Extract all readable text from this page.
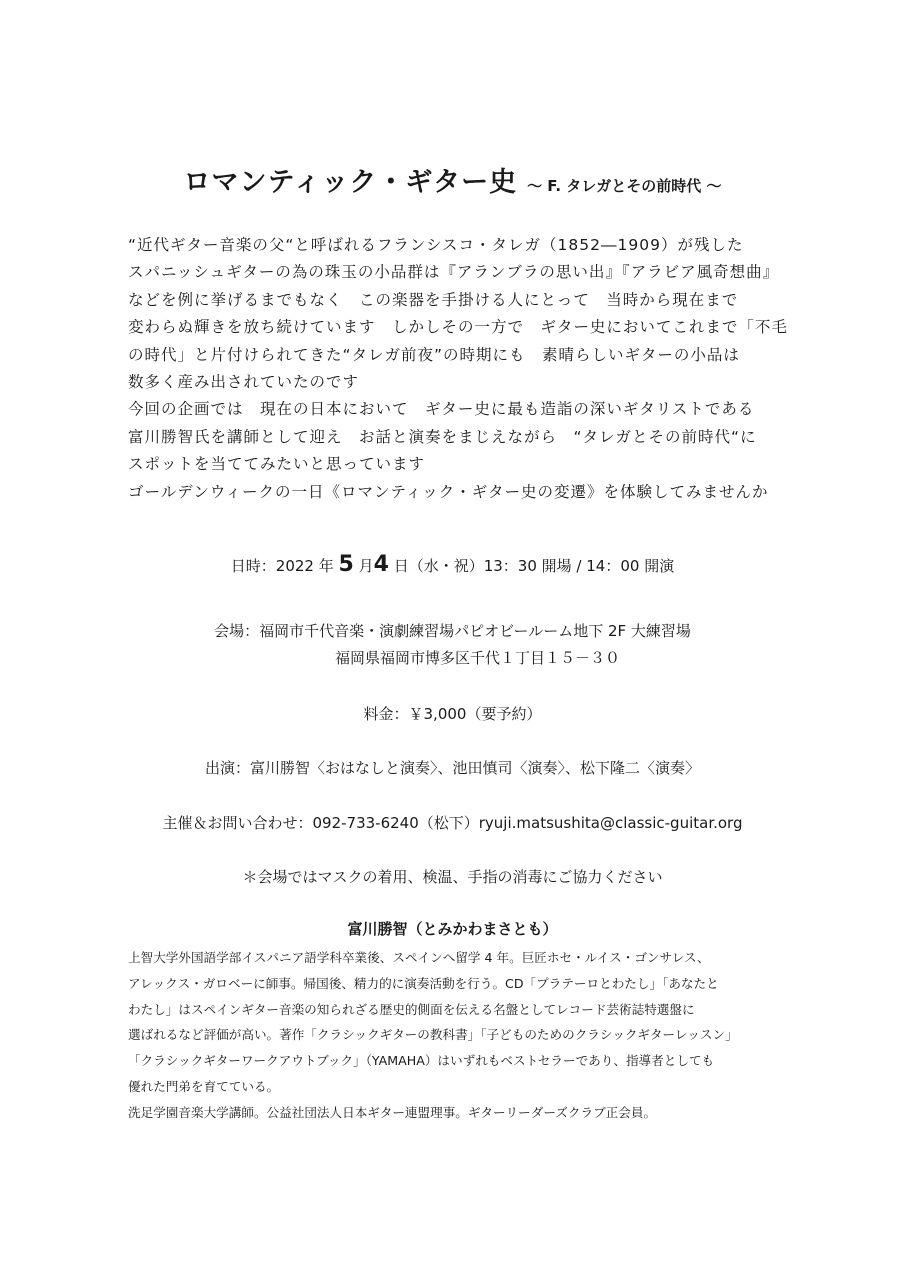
ロマンティック・ギター史 ～ F. タレガとその前時代 ～
“近代ギター音楽の父“と呼ばれるフランシスコ・タレガ（1852―1909）が残した
スパニッシュギターの為の珠玉の小品群は『アランブラの思い出』『アラビア風奇想曲』
などを例に挙げるまでもなく　この楽器を手掛ける人にとって　当時から現在まで
変わらぬ輝きを放ち続けています　しかしその一方で　ギター史においてこれまで「不毛
の時代」と片付けられてきた“タレガ前夜”の時期にも　素晴らしいギターの小品は
数多く産み出されていたのです
今回の企画では　現在の日本において　ギター史に最も造詣の深いギタリストである
富川勝智氏を講師として迎え　お話と演奏をまじえながら　“タレガとその前時代“に
スポットを当ててみたいと思っています
ゴールデンウィークの一日《ロマンティック・ギター史の変遷》を体験してみませんか
日時：2022 年 5 月4 日（水・祝）13：30 開場 / 14：00 開演
会場：福岡市千代音楽・演劇練習場パピオビールーム地下 2F 大練習場
福岡県福岡市博多区千代１丁目１５－３０
料金：￥3,000（要予約）
出演：富川勝智〈おはなしと演奏〉、池田慎司〈演奏〉、松下隆二〈演奏〉
主催＆お問い合わせ：092-733-6240（松下）ryuji.matsushita@classic-guitar.org
＊会場ではマスクの着用、検温、手指の消毒にご協力ください
富川勝智（とみかわまさとも）
上智大学外国語学部イスパニア語学科卒業後、スペインへ留学 4 年。巨匠ホセ・ルイス・ゴンサレス、
アレックス・ガロベーに師事。帰国後、精力的に演奏活動を行う。CD「プラテーロとわたし」「あなたと
わたし」はスペインギター音楽の知られざる歴史的側面を伝える名盤としてレコード芸術誌特選盤に
選ばれるなど評価が高い。著作「クラシックギターの教科書」「子どものためのクラシックギターレッスン」
「クラシックギターワークアウトブック」（YAMAHA）はいずれもベストセラーであり、指導者としても
優れた門弟を育てている。
洗足学園音楽大学講師。公益社団法人日本ギター連盟理事。ギターリーダーズクラブ正会員。
